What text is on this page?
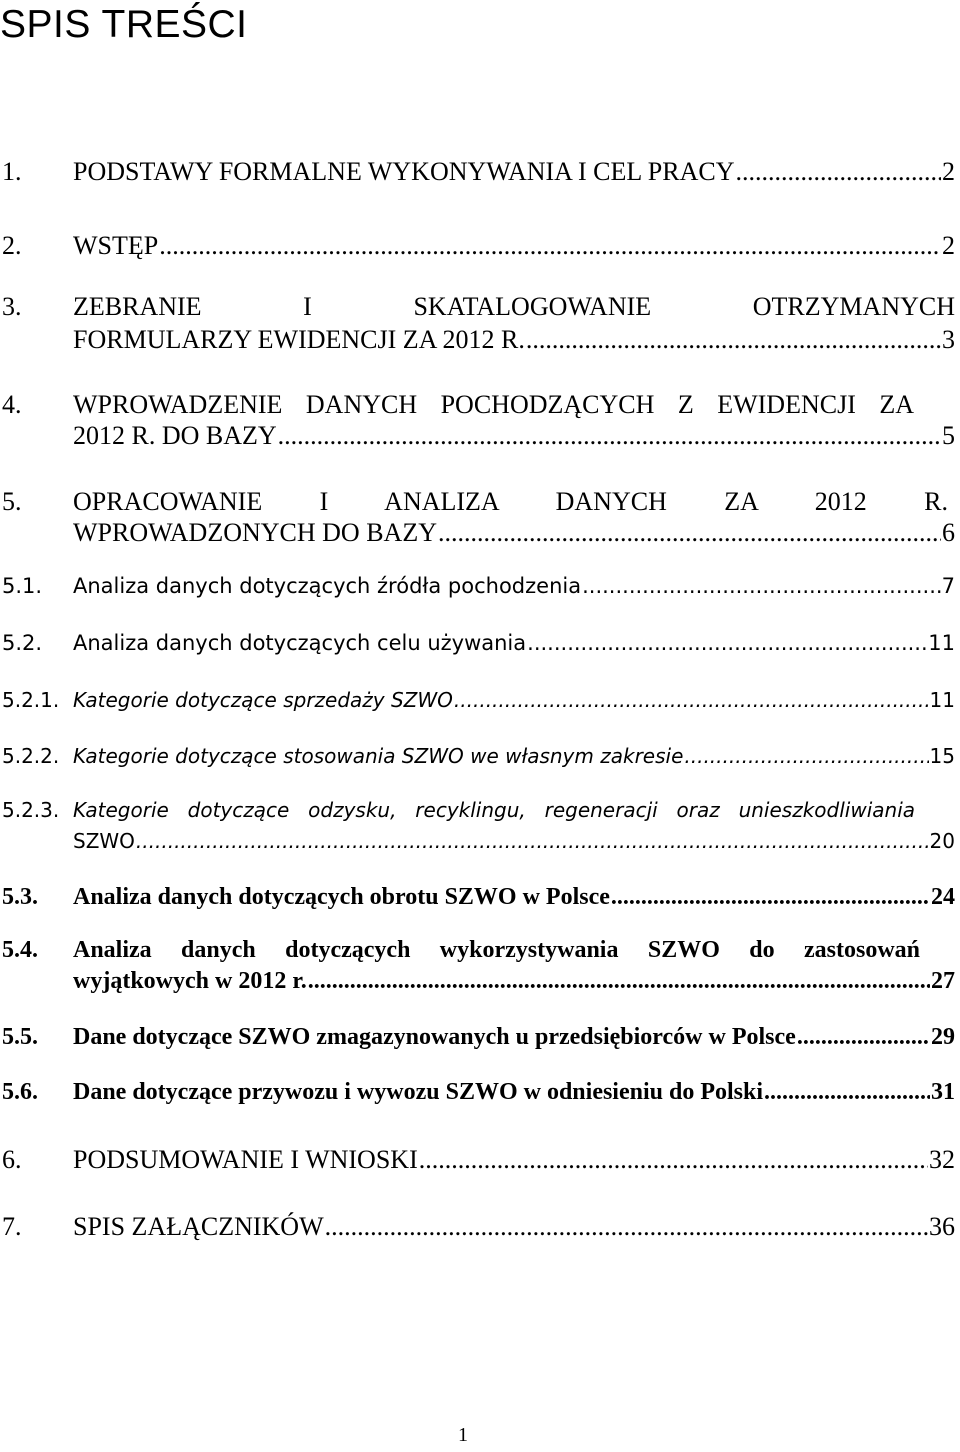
SPIS TREŚCI
1. PODSTAWY FORMALNE WYKONYWANIA I CEL PRACY .....	2
2. WSTĘP .....	2
3. ZEBRANIE I SKATALOGOWANIE OTRZYMANYCH
FORMULARZY EWIDENCJI ZA 2012 R. .....	3
4. WPROWADZENIE DANYCH POCHODZĄCYCH Z EWIDENCJI ZA
2012 R. DO BAZY .....	5
5. OPRACOWANIE I ANALIZA DANYCH ZA 2012 R.
WPROWADZONYCH DO BAZY .....	6
5.1. Analiza danych dotyczących źródła pochodzenia .....	7
5.2. Analiza danych dotyczących celu używania .....	11
5.2.1. Kategorie dotyczące sprzedaży SZWO .....	11
5.2.2. Kategorie dotyczące stosowania SZWO we własnym zakresie .....	15
5.2.3. Kategorie dotyczące odzysku, recyklingu, regeneracji oraz unieszkodliwiania
SZWO .....	20
5.3. Analiza danych dotyczących obrotu SZWO w Polsce .....	24
5.4. Analiza danych dotyczących wykorzystywania SZWO do zastosowań
wyjątkowych w 2012 r. .....	27
5.5. Dane dotyczące SZWO zmagazynowanych u przedsiębiorców w Polsce .....	29
5.6. Dane dotyczące przywozu i wywozu SZWO w odniesieniu do Polski .....	31
6. PODSUMOWANIE I WNIOSKI .....	32
7. SPIS ZAŁĄCZNIKÓW .....	36
1
